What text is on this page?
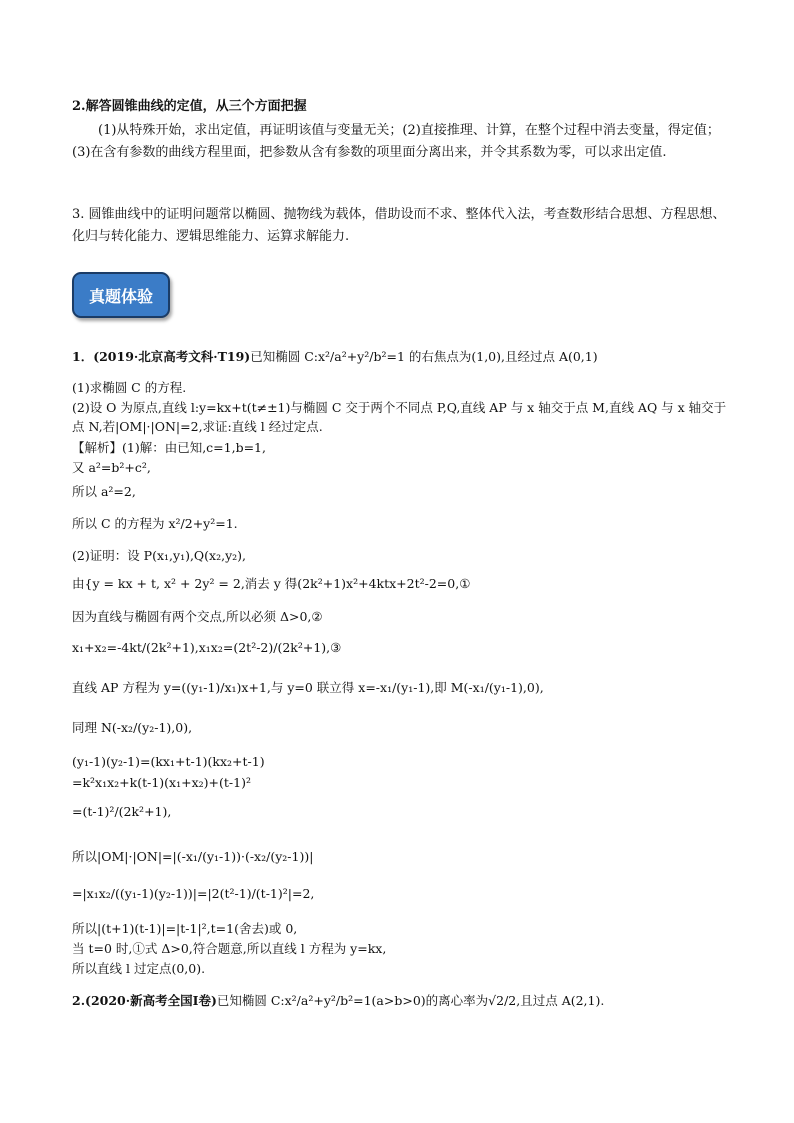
2.解答圆锥曲线的定值，从三个方面把握

(1)从特殊开始，求出定值，再证明该值与变量无关；(2)直接推理、计算，在整个过程中消去变量，得定值；(3)在含有参数的曲线方程里面，把参数从含有参数的项里面分离出来，并令其系数为零，可以求出定值.

3. 圆锥曲线中的证明问题常以椭圆、抛物线为载体，借助设而不求、整体代入法，考查数形结合思想、方程思想、化归与转化能力、逻辑思维能力、运算求解能力.

真题体验
1．(2019·北京高考文科·T19)已知椭圆 C:x²/a²+y²/b²=1 的右焦点为(1,0),且经过点 A(0,1)
(1)求椭圆 C 的方程.
(2)设 O 为原点,直线 l:y=kx+t(t≠±1)与椭圆 C 交于两个不同点 P,Q,直线 AP 与 x 轴交于点 M,直线 AQ 与 x 轴交于点 N,若|OM|·|ON|=2,求证:直线 l 经过定点.
【解析】(1)解：由已知,c=1,b=1,
又 a²=b²+c²,
所以 a²=2,
所以 C 的方程为 x²/2+y²=1.
(2)证明：设 P(x₁,y₁),Q(x₂,y₂),
由{y = kx + t, x² + 2y² = 2,消去 y 得(2k²+1)x²+4ktx+2t²-2=0,①
因为直线与椭圆有两个交点,所以必须 Δ>0,②
x₁+x₂=-4kt/(2k²+1),x₁x₂=(2t²-2)/(2k²+1),③
直线 AP 方程为 y=((y₁-1)/x₁)x+1,与 y=0 联立得 x=-x₁/(y₁-1),即 M(-x₁/(y₁-1),0),
同理 N(-x₂/(y₂-1),0),
(y₁-1)(y₂-1)=(kx₁+t-1)(kx₂+t-1)
=k²x₁x₂+k(t-1)(x₁+x₂)+(t-1)²
=(t-1)²/(2k²+1),
所以|OM|·|ON|=|(-x₁/(y₁-1))·(-x₂/(y₂-1))|
=|x₁x₂/((y₁-1)(y₂-1))|=|2(t²-1)/(t-1)²|=2,
所以|(t+1)(t-1)|=|t-1|²,t=1(舍去)或 0,
当 t=0 时,①式 Δ>0,符合题意,所以直线 l 方程为 y=kx,
所以直线 l 过定点(0,0).
2.(2020·新高考全国Ⅰ卷)已知椭圆 C:x²/a²+y²/b²=1(a>b>0)的离心率为√2/2,且过点 A(2,1).
